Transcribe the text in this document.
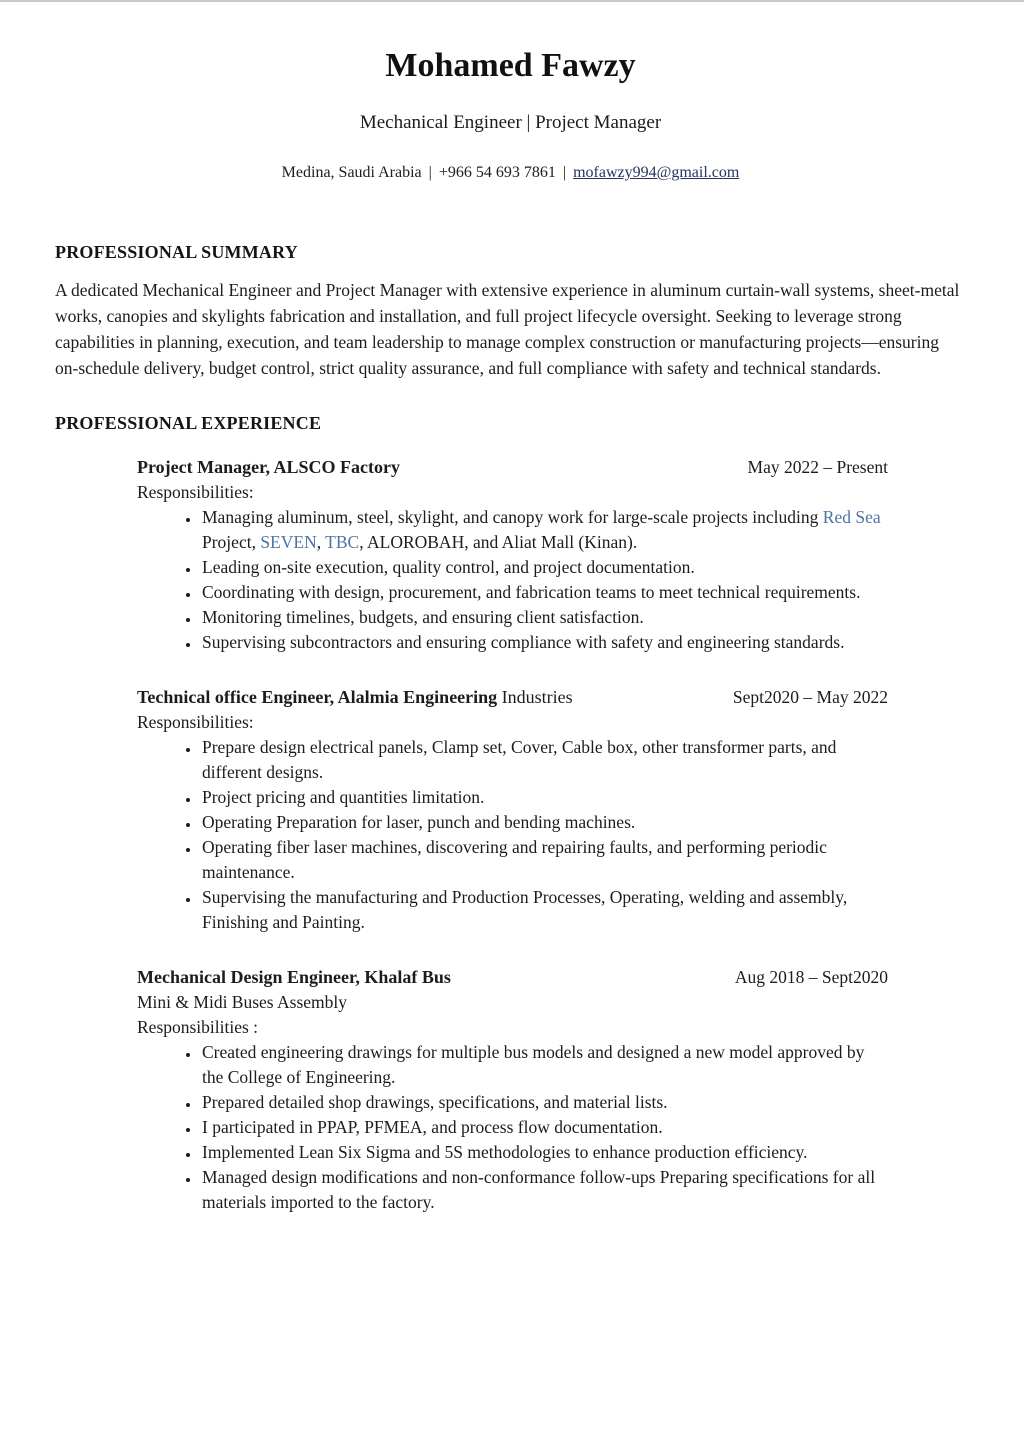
Mohamed Fawzy
Mechanical Engineer | Project Manager
Medina, Saudi Arabia | +966 54 693 7861 | mofawzy994@gmail.com
PROFESSIONAL SUMMARY

A dedicated Mechanical Engineer and Project Manager with extensive experience in aluminum curtain-wall systems, sheet-metal works, canopies and skylights fabrication and installation, and full project lifecycle oversight. Seeking to leverage strong capabilities in planning, execution, and team leadership to manage complex construction or manufacturing projects—ensuring on-schedule delivery, budget control, strict quality assurance, and full compliance with safety and technical standards.

PROFESSIONAL EXPERIENCE
Project Manager, ALSCO Factory	May 2022 – Present
Responsibilities:
• Managing aluminum, steel, skylight, and canopy work for large-scale projects including Red Sea Project, SEVEN, TBC, ALOROBAH, and Aliat Mall (Kinan).
• Leading on-site execution, quality control, and project documentation.
• Coordinating with design, procurement, and fabrication teams to meet technical requirements.
• Monitoring timelines, budgets, and ensuring client satisfaction.
• Supervising subcontractors and ensuring compliance with safety and engineering standards.
Technical office Engineer, Alalmia Engineering Industries	Sept2020 – May 2022
Responsibilities:
• Prepare design electrical panels, Clamp set, Cover, Cable box, other transformer parts, and different designs.
• Project pricing and quantities limitation.
• Operating Preparation for laser, punch and bending machines.
• Operating fiber laser machines, discovering and repairing faults, and performing periodic maintenance.
• Supervising the manufacturing and Production Processes, Operating, welding and assembly, Finishing and Painting.
Mechanical Design Engineer, Khalaf Bus	Aug 2018 – Sept2020
Mini & Midi Buses Assembly
Responsibilities :
• Created engineering drawings for multiple bus models and designed a new model approved by the College of Engineering.
• Prepared detailed shop drawings, specifications, and material lists.
• I participated in PPAP, PFMEA, and process flow documentation.
• Implemented Lean Six Sigma and 5S methodologies to enhance production efficiency.
• Managed design modifications and non-conformance follow-ups Preparing specifications for all materials imported to the factory.
